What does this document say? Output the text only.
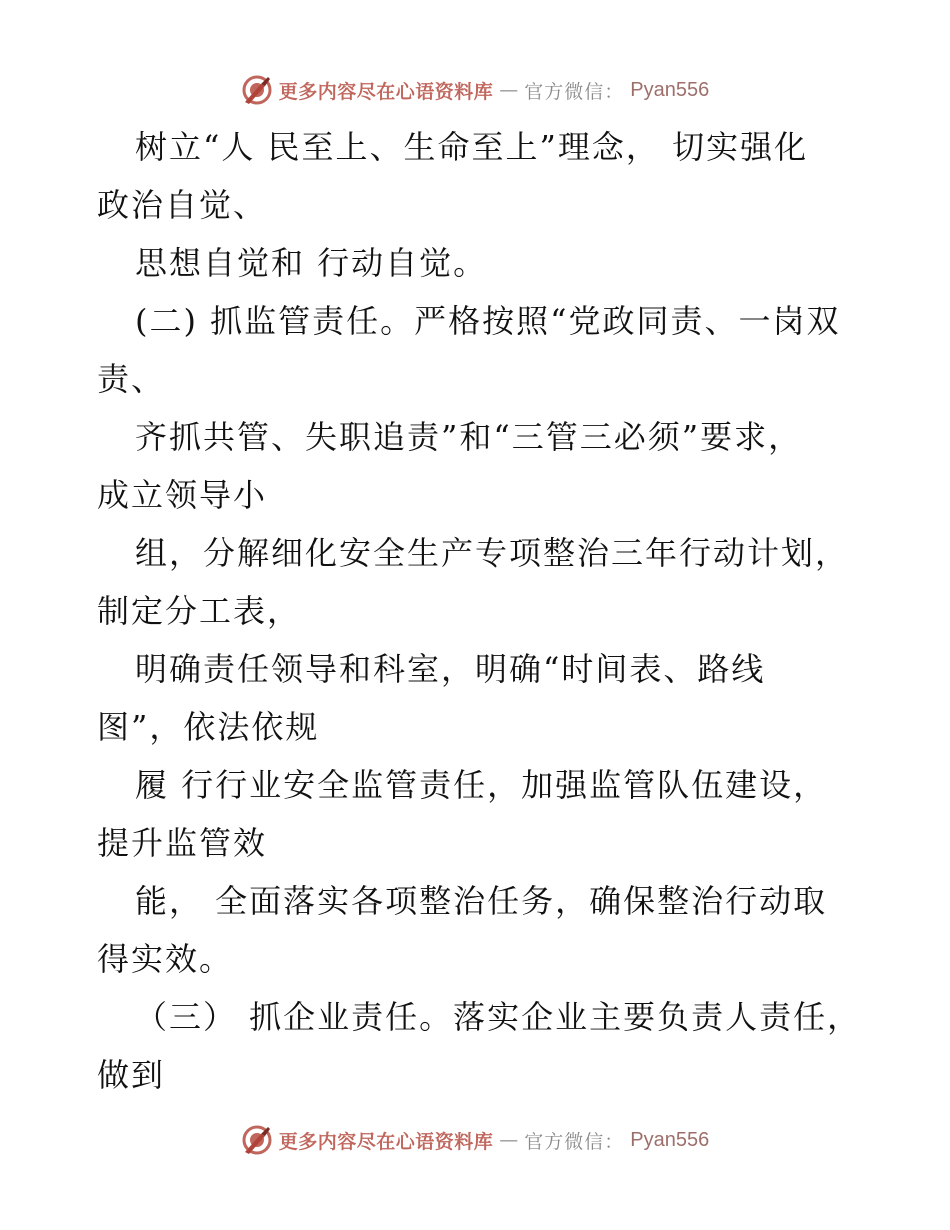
更多内容尽在心语资料库 — 官方微信： Pyan556
树立“人 民至上、生命至上”理念， 切实强化
政治自觉、
思想自觉和 行动自觉。
(二) 抓监管责任。严格按照“党政同责、一岗双
责、
齐抓共管、失职追责”和“三管三必须”要求，
成立领导小
组，分解细化安全生产专项整治三年行动计划，
制定分工表，
明确责任领导和科室，明确“时间表、路线
图”，依法依规
履 行行业安全监管责任，加强监管队伍建设，
提升监管效
能， 全面落实各项整治任务，确保整治行动取
得实效。
（三） 抓企业责任。落实企业主要负责人责任，
做到
更多内容尽在心语资料库 — 官方微信： Pyan556
